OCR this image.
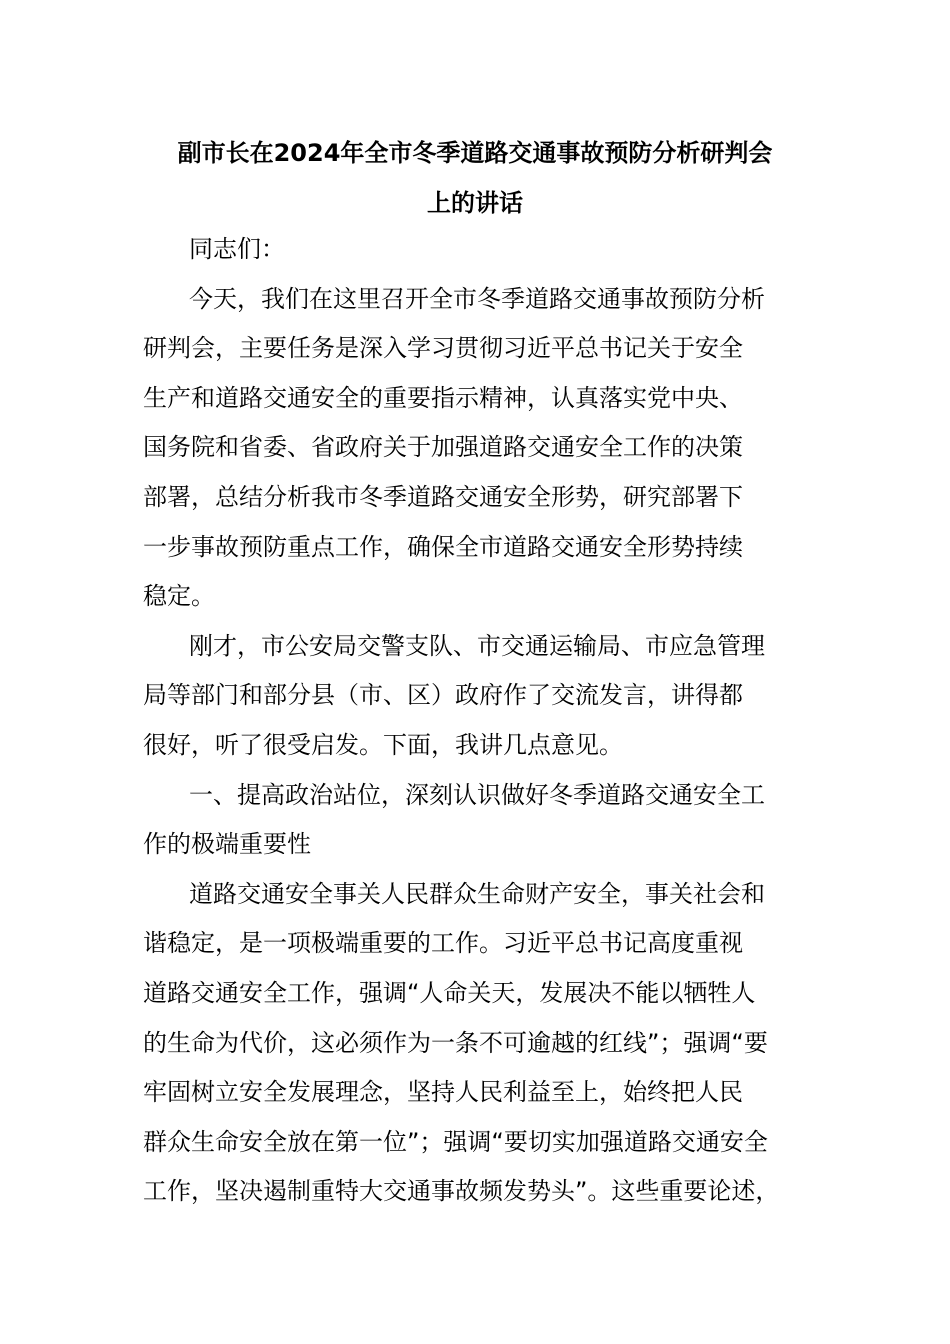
副市长在2024年全市冬季道路交通事故预防分析研判会
上的讲话

同志们：

今天，我们在这里召开全市冬季道路交通事故预防分析
研判会，主要任务是深入学习贯彻习近平总书记关于安全
生产和道路交通安全的重要指示精神，认真落实党中央、
国务院和省委、省政府关于加强道路交通安全工作的决策
部署，总结分析我市冬季道路交通安全形势，研究部署下
一步事故预防重点工作，确保全市道路交通安全形势持续
稳定。

刚才，市公安局交警支队、市交通运输局、市应急管理
局等部门和部分县（市、区）政府作了交流发言，讲得都
很好，听了很受启发。下面，我讲几点意见。

一、提高政治站位，深刻认识做好冬季道路交通安全工
作的极端重要性

道路交通安全事关人民群众生命财产安全，事关社会和
谐稳定，是一项极端重要的工作。习近平总书记高度重视
道路交通安全工作，强调“人命关天，发展决不能以牺牲人
的生命为代价，这必须作为一条不可逾越的红线”；强调“要
牢固树立安全发展理念，坚持人民利益至上，始终把人民
群众生命安全放在第一位”；强调“要切实加强道路交通安全
工作，坚决遏制重特大交通事故频发势头”。这些重要论述，
